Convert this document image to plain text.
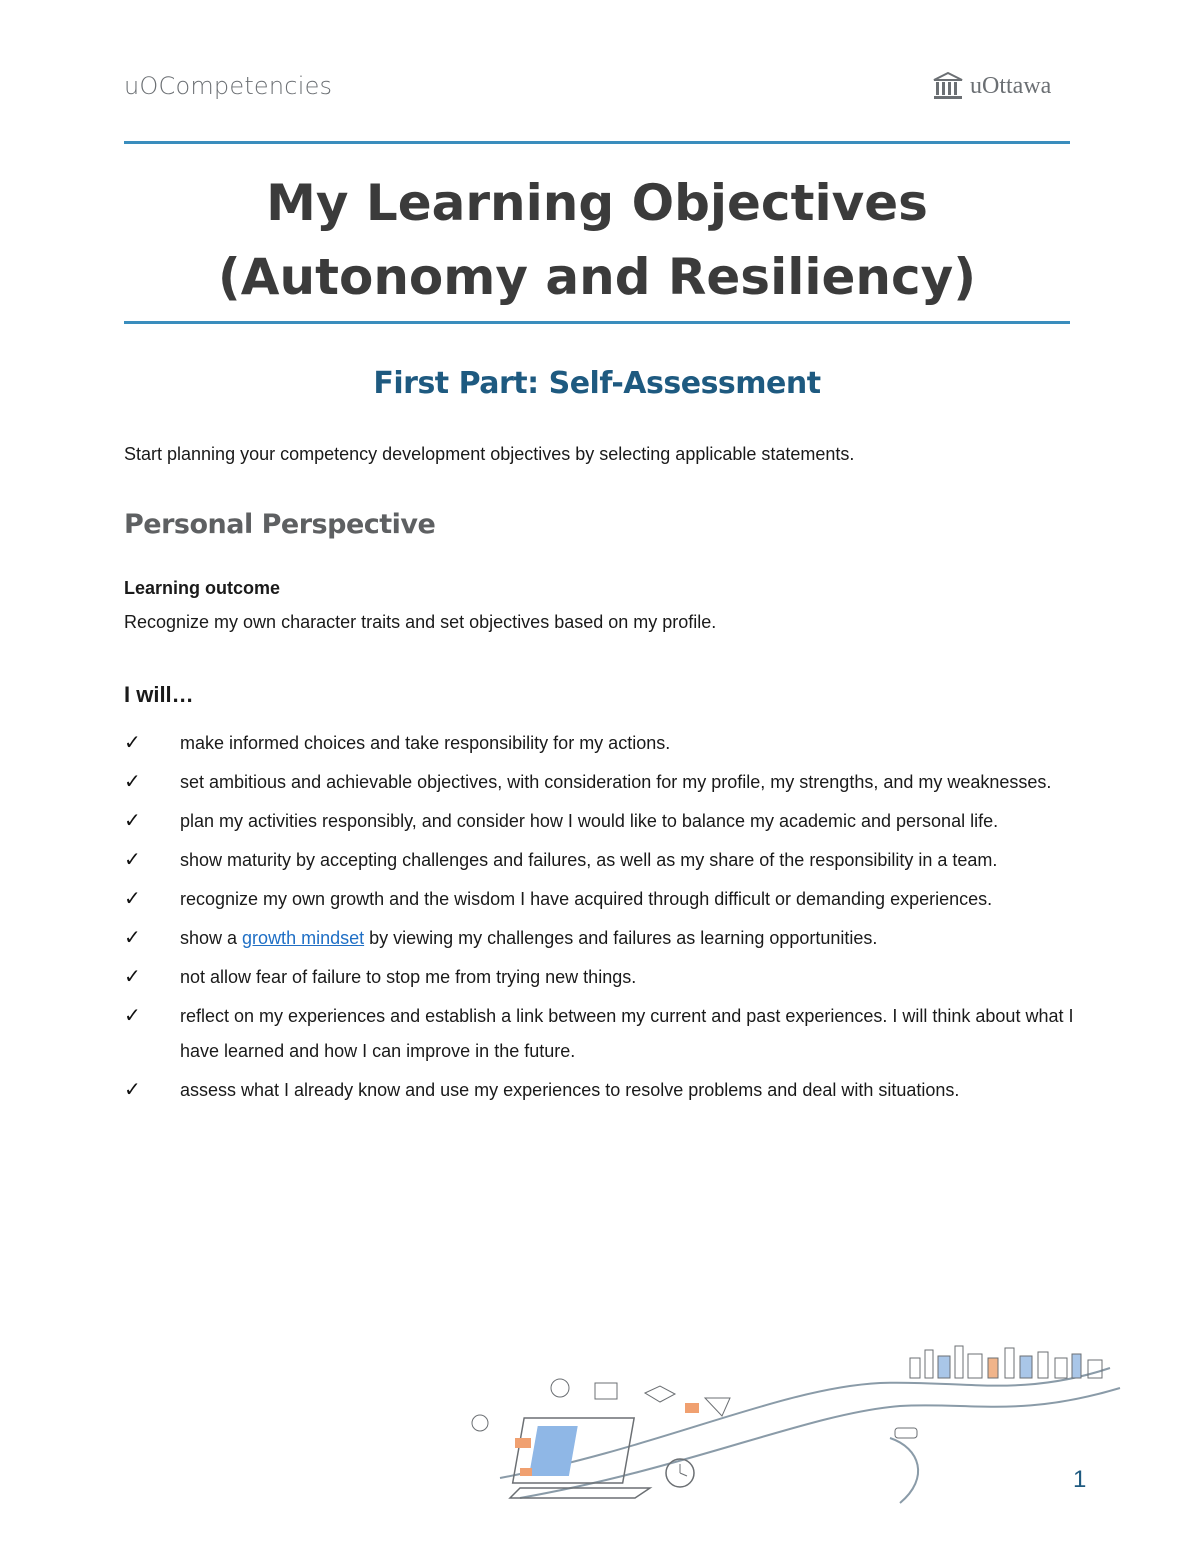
uOCompetencies	uOttawa
My Learning Objectives
(Autonomy and Resiliency)
First Part: Self-Assessment
Start planning your competency development objectives by selecting applicable statements.
Personal Perspective
Learning outcome
Recognize my own character traits and set objectives based on my profile.
I will…
✓	make informed choices and take responsibility for my actions.
✓	set ambitious and achievable objectives, with consideration for my profile, my strengths, and my weaknesses.
✓	plan my activities responsibly, and consider how I would like to balance my academic and personal life.
✓	show maturity by accepting challenges and failures, as well as my share of the responsibility in a team.
✓	recognize my own growth and the wisdom I have acquired through difficult or demanding experiences.
✓	show a growth mindset by viewing my challenges and failures as learning opportunities.
✓	not allow fear of failure to stop me from trying new things.
✓	reflect on my experiences and establish a link between my current and past experiences. I will think about what I have learned and how I can improve in the future.
✓	assess what I already know and use my experiences to resolve problems and deal with situations.
1
